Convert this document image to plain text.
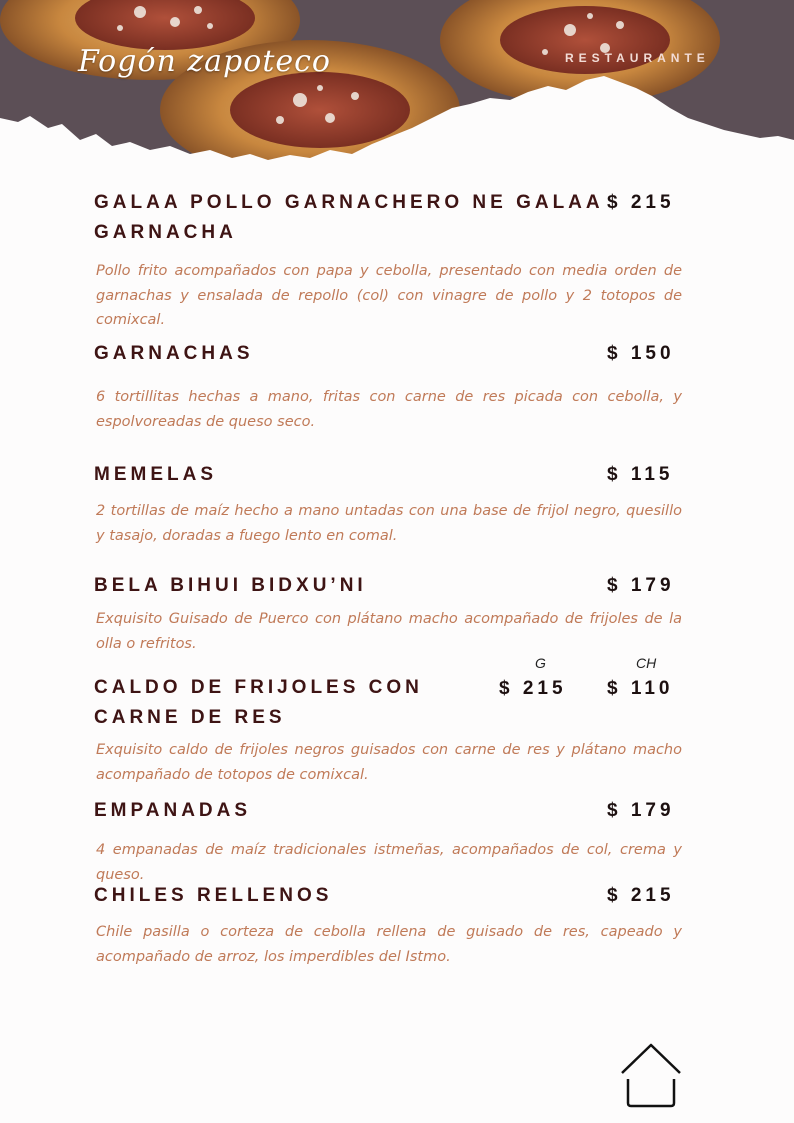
Fogón zapoteco	RESTAURANTE
GALAA POLLO GARNACHERO NE GALAA
GARNACHA
$ 215
Pollo frito acompañados con papa y cebolla, presentado con media orden de garnachas y ensalada de repollo (col) con vinagre de pollo y 2 totopos de comixcal.
GARNACHAS	$ 150
6 tortillitas hechas a mano, fritas con carne de res picada con cebolla, y espolvoreadas de queso seco.
MEMELAS	$ 115
2 tortillas de maíz hecho a mano untadas con una base de frijol negro, quesillo y tasajo, doradas a fuego lento en comal.
BELA BIHUI BIDXU’NI	$ 179
Exquisito Guisado de Puerco con plátano macho acompañado de frijoles de la olla o refritos.
G	CH
CALDO DE FRIJOLES CON
CARNE DE RES
$ 215 $ 110
Exquisito caldo de frijoles negros guisados con carne de res y plátano macho acompañado de totopos de comixcal.
EMPANADAS	$ 179
4 empanadas de maíz tradicionales istmeñas, acompañados de col, crema y queso.
CHILES RELLENOS	$ 215
Chile pasilla o corteza de cebolla rellena de guisado de res, capeado y acompañado de arroz, los imperdibles del Istmo.
